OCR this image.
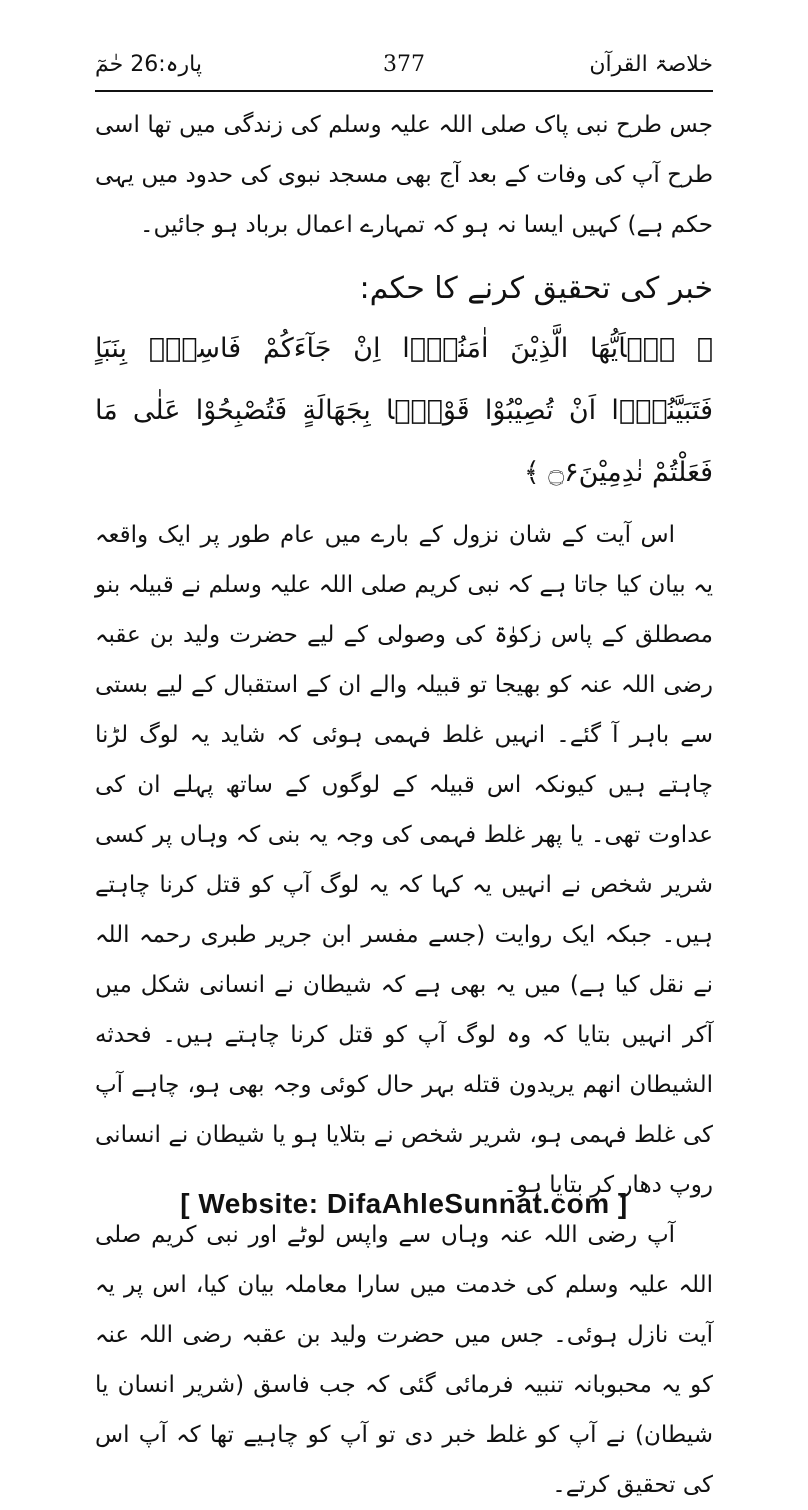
پارہ:26 حٰمٓ	377	خلاصۃ القرآن

جس طرح نبی پاک صلی اللہ علیہ وسلم کی زندگی میں تھا اسی طرح آپ کی وفات کے بعد آج بھی مسجد نبوی کی حدود میں یہی حکم ہے) کہیں ایسا نہ ہو کہ تمہارے اعمال برباد ہو جائیں۔

خبر کی تحقیق کرنے کا حکم:

﴿ یٰۤاَیُّهَا الَّذِیْنَ اٰمَنُوْۤا اِنْ جَآءَكُمْ فَاسِقٌۢ بِنَبَاٍ فَتَبَیَّنُوْۤا اَنْ تُصِیْبُوْا قَوْمًۢا بِجَهَالَةٍ فَتُصْبِحُوْا عَلٰى مَا فَعَلْتُمْ نٰدِمِیْنَ۝۶ ﴾

اس آیت کے شان نزول کے بارے میں عام طور پر ایک واقعہ یہ بیان کیا جاتا ہے کہ نبی کریم صلی اللہ علیہ وسلم نے قبیلہ بنو مصطلق کے پاس زکوٰۃ کی وصولی کے لیے حضرت ولید بن عقبہ رضی اللہ عنہ کو بھیجا تو قبیلہ والے ان کے استقبال کے لیے بستی سے باہر آ گئے۔ انہیں غلط فہمی ہوئی کہ شاید یہ لوگ لڑنا چاہتے ہیں کیونکہ اس قبیلہ کے لوگوں کے ساتھ پہلے ان کی عداوت تھی۔ یا پھر غلط فہمی کی وجہ یہ بنی کہ وہاں پر کسی شریر شخص نے انہیں یہ کہا کہ یہ لوگ آپ کو قتل کرنا چاہتے ہیں۔ جبکہ ایک روایت (جسے مفسر ابن جریر طبری رحمہ اللہ نے نقل کیا ہے) میں یہ بھی ہے کہ شیطان نے انسانی شکل میں آکر انہیں بتایا کہ وہ لوگ آپ کو قتل کرنا چاہتے ہیں۔ فحدثه الشیطان انهم یریدون قتله بہر حال کوئی وجہ بھی ہو، چاہے آپ کی غلط فہمی ہو، شریر شخص نے بتلایا ہو یا شیطان نے انسانی روپ دھار کر بتایا ہو۔

آپ رضی اللہ عنہ وہاں سے واپس لوٹے اور نبی کریم صلی اللہ علیہ وسلم کی خدمت میں سارا معاملہ بیان کیا، اس پر یہ آیت نازل ہوئی۔ جس میں حضرت ولید بن عقبہ رضی اللہ عنہ کو یہ محبوبانہ تنبیہ فرمائی گئی کہ جب فاسق (شریر انسان یا شیطان) نے آپ کو غلط خبر دی تو آپ کو چاہیے تھا کہ آپ اس کی تحقیق کرتے۔

[ Website: DifaAhleSunnat.com ]
